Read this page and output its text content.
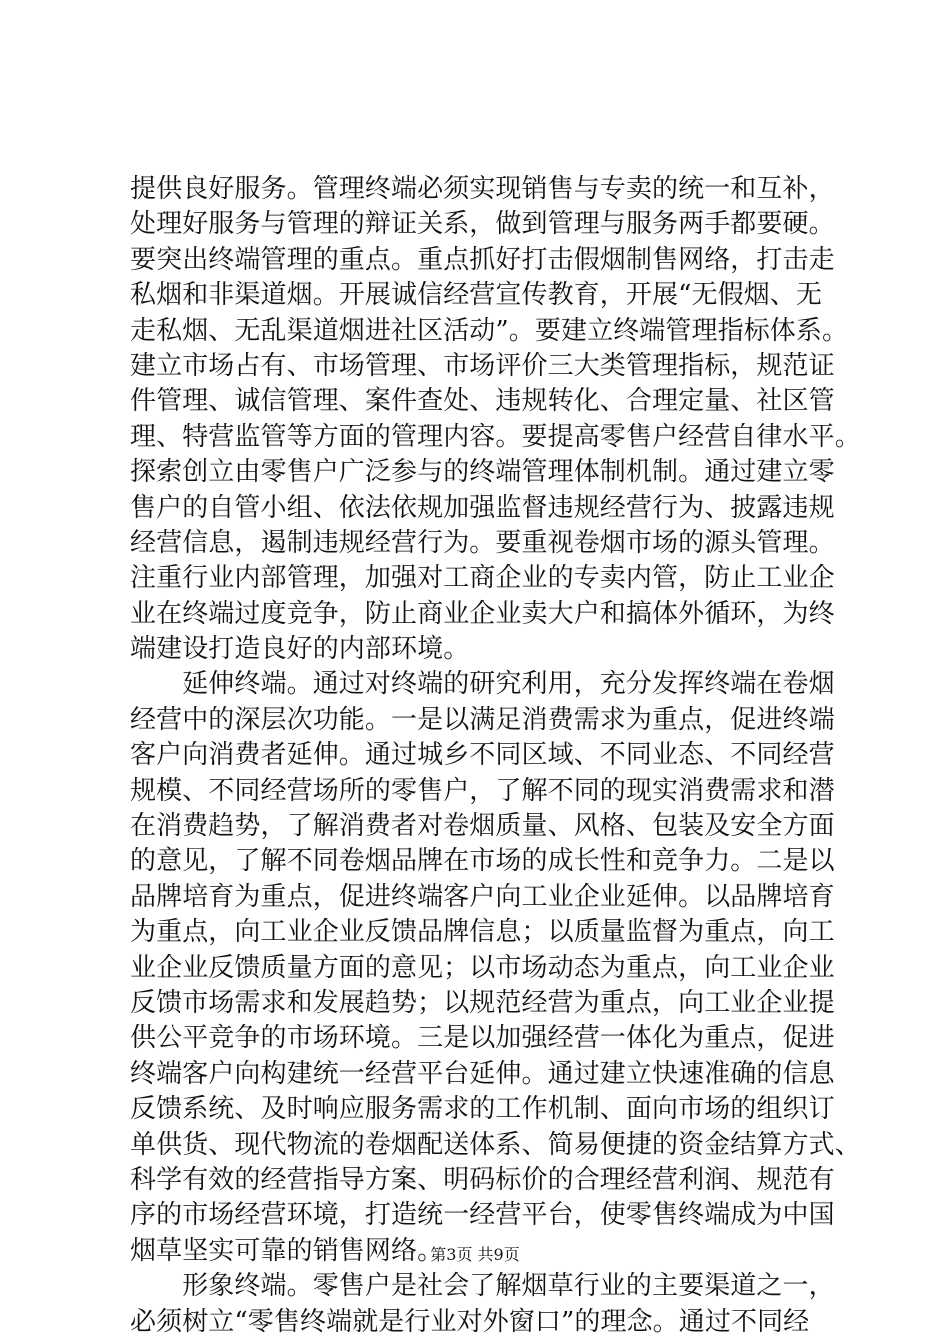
提供良好服务。管理终端必须实现销售与专卖的统一和互补，
处理好服务与管理的辩证关系，做到管理与服务两手都要硬。
要突出终端管理的重点。重点抓好打击假烟制售网络，打击走
私烟和非渠道烟。开展诚信经营宣传教育，开展“无假烟、无
走私烟、无乱渠道烟进社区活动”。要建立终端管理指标体系。
建立市场占有、市场管理、市场评价三大类管理指标，规范证
件管理、诚信管理、案件查处、违规转化、合理定量、社区管
理、特营监管等方面的管理内容。要提高零售户经营自律水平。
探索创立由零售户广泛参与的终端管理体制机制。通过建立零
售户的自管小组、依法依规加强监督违规经营行为、披露违规
经营信息，遏制违规经营行为。要重视卷烟市场的源头管理。
注重行业内部管理，加强对工商企业的专卖内管，防止工业企
业在终端过度竞争，防止商业企业卖大户和搞体外循环，为终
端建设打造良好的内部环境。
　　延伸终端。通过对终端的研究利用，充分发挥终端在卷烟
经营中的深层次功能。一是以满足消费需求为重点，促进终端
客户向消费者延伸。通过城乡不同区域、不同业态、不同经营
规模、不同经营场所的零售户，了解不同的现实消费需求和潜
在消费趋势，了解消费者对卷烟质量、风格、包装及安全方面
的意见，了解不同卷烟品牌在市场的成长性和竞争力。二是以
品牌培育为重点，促进终端客户向工业企业延伸。以品牌培育
为重点，向工业企业反馈品牌信息；以质量监督为重点，向工
业企业反馈质量方面的意见；以市场动态为重点，向工业企业
反馈市场需求和发展趋势；以规范经营为重点，向工业企业提
供公平竞争的市场环境。三是以加强经营一体化为重点，促进
终端客户向构建统一经营平台延伸。通过建立快速准确的信息
反馈系统、及时响应服务需求的工作机制、面向市场的组织订
单供货、现代物流的卷烟配送体系、简易便捷的资金结算方式、
科学有效的经营指导方案、明码标价的合理经营利润、规范有
序的市场经营环境，打造统一经营平台，使零售终端成为中国
烟草坚实可靠的销售网络。
　　形象终端。零售户是社会了解烟草行业的主要渠道之一，
必须树立“零售终端就是行业对外窗口”的理念。通过不同经
第3页 共9页
